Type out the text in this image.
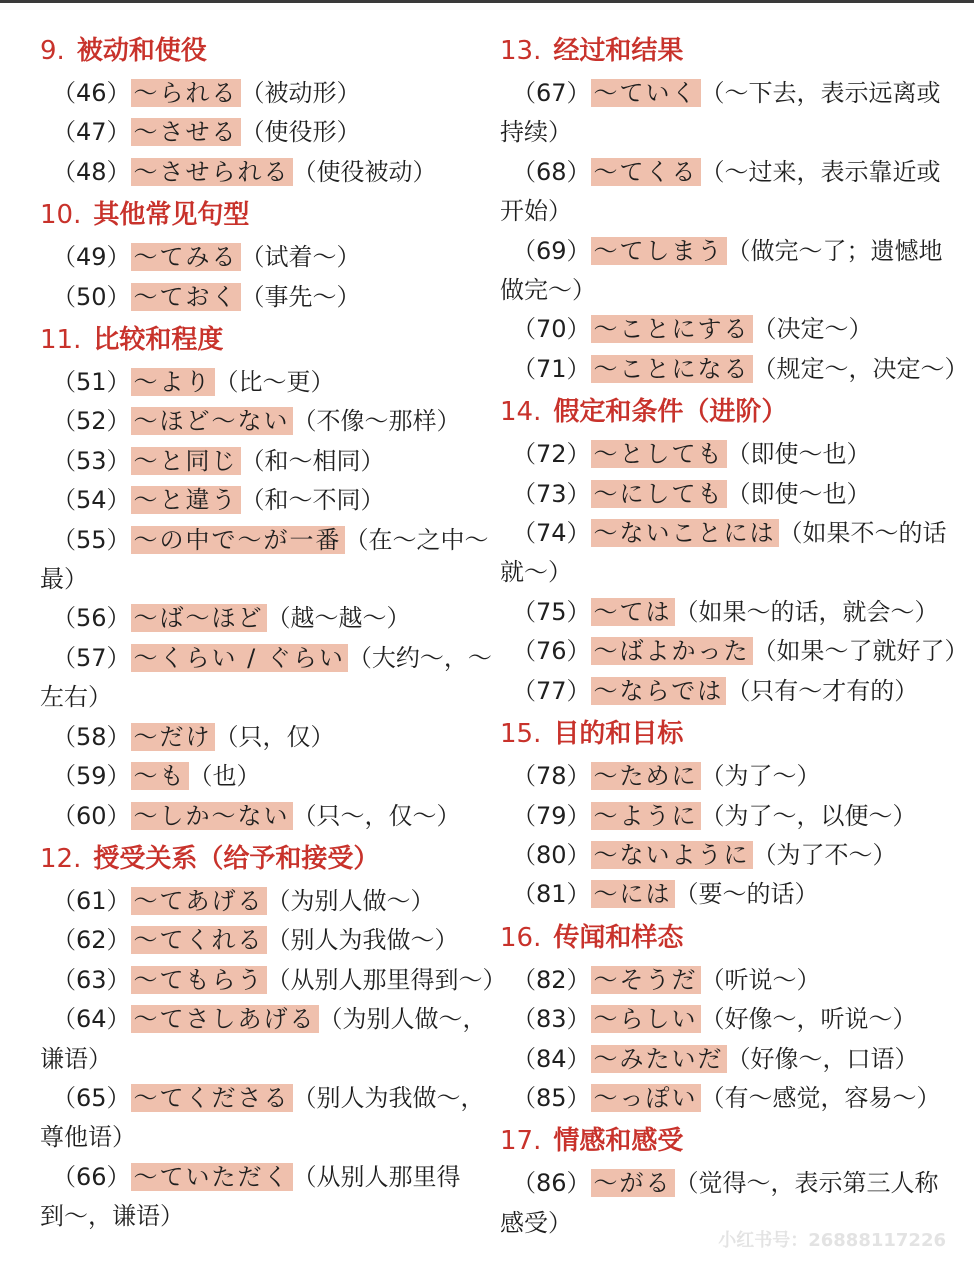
9. 被动和使役
（46） ～られる （被动形）
（47） ～させる （使役形）
（48） ～させられる （使役被动）
10. 其他常见句型
（49） ～てみる （试着～）
（50） ～ておく （事先～）
11. 比较和程度
（51） ～より （比～更）
（52） ～ほど～ない （不像～那样）
（53） ～と同じ （和～相同）
（54） ～と違う （和～不同）
（55） ～の中で～が一番 （在～之中～
最）
（56） ～ば～ほど （越～越～）
（57） ～くらい / ぐらい （大约～，～
左右）
（58） ～だけ （只，仅）
（59） ～も （也）
（60） ～しか～ない （只～，仅～）
12. 授受关系（给予和接受）
（61） ～てあげる （为别人做～）
（62） ～てくれる （别人为我做～）
（63） ～てもらう （从别人那里得到～）
（64） ～てさしあげる （为别人做～，
谦语）
（65） ～てくださる （别人为我做～，
尊他语）
（66） ～ていただく （从别人那里得
到～，谦语）
13. 经过和结果
（67） ～ていく （～下去，表示远离或
持续）
（68） ～てくる （～过来，表示靠近或
开始）
（69） ～てしまう （做完～了；遗憾地
做完～）
（70） ～ことにする （决定～）
（71） ～ことになる （规定～，决定～）
14. 假定和条件（进阶）
（72） ～としても （即使～也）
（73） ～にしても （即使～也）
（74） ～ないことには （如果不～的话
就～）
（75） ～ては （如果～的话，就会～）
（76） ～ばよかった （如果～了就好了）
（77） ～ならでは （只有～才有的）
15. 目的和目标
（78） ～ために （为了～）
（79） ～ように （为了～，以便～）
（80） ～ないように （为了不～）
（81） ～には （要～的话）
16. 传闻和样态
（82） ～そうだ （听说～）
（83） ～らしい （好像～，听说～）
（84） ～みたいだ （好像～，口语）
（85） ～っぽい （有～感觉，容易～）
17. 情感和感受
（86） ～がる （觉得～，表示第三人称
感受）
小红书号：26888117226
